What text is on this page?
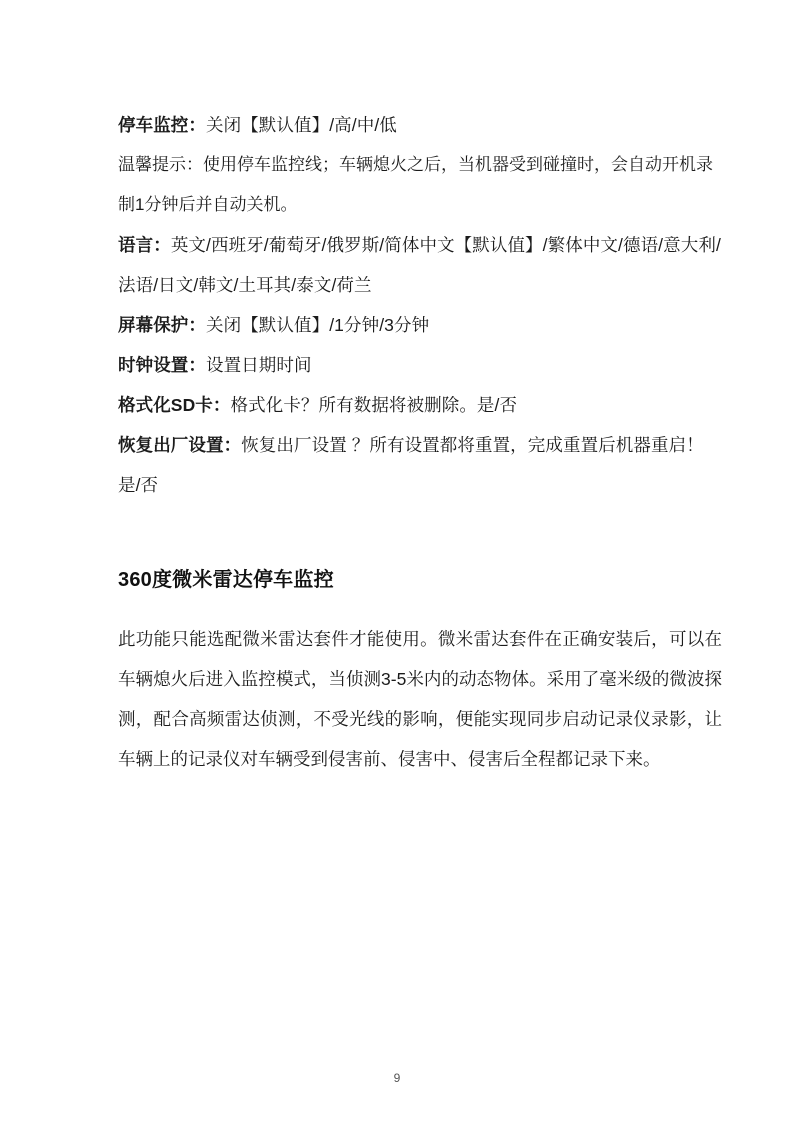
停车监控：关闭【默认值】/高/中/低
温馨提示：使用停车监控线；车辆熄火之后，当机器受到碰撞时，会自动开机录制1分钟后并自动关机。
语言：英文/西班牙/葡萄牙/俄罗斯/简体中文【默认值】/繁体中文/德语/意大利/法语/日文/韩文/土耳其/泰文/荷兰
屏幕保护：关闭【默认值】/1分钟/3分钟
时钟设置：设置日期时间
格式化SD卡：格式化卡？所有数据将被删除。是/否
恢复出厂设置：恢复出厂设置 ？所有设置都将重置，完成重置后机器重启！ 是/否
360度微米雷达停车监控

此功能只能选配微米雷达套件才能使用。微米雷达套件在正确安装后，可以在车辆熄火后进入监控模式，当侦测3-5米内的动态物体。采用了毫米级的微波探测，配合高频雷达侦测，不受光线的影响，便能实现同步启动记录仪录影，让车辆上的记录仪对车辆受到侵害前、侵害中、侵害后全程都记录下来。

9
